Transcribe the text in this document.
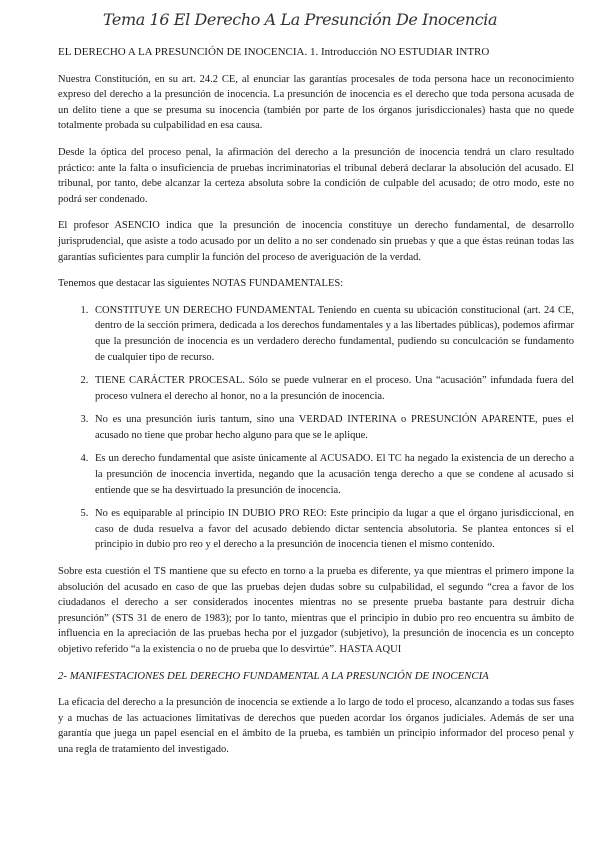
Tema 16 El Derecho A La Presunción De Inocencia

EL DERECHO A LA PRESUNCIÓN DE INOCENCIA. 1. Introducción NO ESTUDIAR INTRO

Nuestra Constitución, en su art. 24.2 CE, al enunciar las garantías procesales de toda persona hace un reconocimiento expreso del derecho a la presunción de inocencia. La presunción de inocencia es el derecho que toda persona acusada de un delito tiene a que se presuma su inocencia (también por parte de los órganos jurisdiccionales) hasta que no quede totalmente probada su culpabilidad en esa causa.

Desde la óptica del proceso penal, la afirmación del derecho a la presunción de inocencia tendrá un claro resultado práctico: ante la falta o insuficiencia de pruebas incriminatorias el tribunal deberá declarar la absolución del acusado. El tribunal, por tanto, debe alcanzar la certeza absoluta sobre la condición de culpable del acusado; de otro modo, este no podrá ser condenado.

El profesor ASENCIO indica que la presunción de inocencia constituye un derecho fundamental, de desarrollo jurisprudencial, que asiste a todo acusado por un delito a no ser condenado sin pruebas y que a que éstas reúnan todas las garantías suficientes para cumplir la función del proceso de averiguación de la verdad.

Tenemos que destacar las siguientes NOTAS FUNDAMENTALES:

1. CONSTITUYE UN DERECHO FUNDAMENTAL Teniendo en cuenta su ubicación constitucional (art. 24 CE, dentro de la sección primera, dedicada a los derechos fundamentales y a las libertades públicas), podemos afirmar que la presunción de inocencia es un verdadero derecho fundamental, pudiendo su conculcación se fundamento de cualquier tipo de recurso.
2. TIENE CARÁCTER PROCESAL. Sólo se puede vulnerar en el proceso. Una “acusación” infundada fuera del proceso vulnera el derecho al honor, no a la presunción de inocencia.
3. No es una presunción iuris tantum, sino una VERDAD INTERINA o PRESUNCIÓN APARENTE, pues el acusado no tiene que probar hecho alguno para que se le aplique.
4. Es un derecho fundamental que asiste únicamente al ACUSADO. El TC ha negado la existencia de un derecho a la presunción de inocencia invertida, negando que la acusación tenga derecho a que se condene al acusado si entiende que se ha desvirtuado la presunción de inocencia.
5. No es equiparable al principio IN DUBIO PRO REO: Este principio da lugar a que el órgano jurisdiccional, en caso de duda resuelva a favor del acusado debiendo dictar sentencia absolutoria. Se plantea entonces si el principio in dubio pro reo y el derecho a la presunción de inocencia tienen el mismo contenido.

Sobre esta cuestión el TS mantiene que su efecto en torno a la prueba es diferente, ya que mientras el primero impone la absolución del acusado en caso de que las pruebas dejen dudas sobre su culpabilidad, el segundo “crea a favor de los ciudadanos el derecho a ser considerados inocentes mientras no se presente prueba bastante para destruir dicha presunción” (STS 31 de enero de 1983); por lo tanto, mientras que el principio in dubio pro reo encuentra su ámbito de influencia en la apreciación de las pruebas hecha por el juzgador (subjetivo), la presunción de inocencia es un concepto objetivo referido “a la existencia o no de prueba que lo desvirtúe”. HASTA AQUI

2- MANIFESTACIONES DEL DERECHO FUNDAMENTAL A LA PRESUNCIÓN DE INOCENCIA

La eficacia del derecho a la presunción de inocencia se extiende a lo largo de todo el proceso, alcanzando a todas sus fases y a muchas de las actuaciones limitativas de derechos que pueden acordar los órganos judiciales. Además de ser una garantía que juega un papel esencial en el ámbito de la prueba, es también un principio informador del proceso penal y una regla de tratamiento del investigado.
